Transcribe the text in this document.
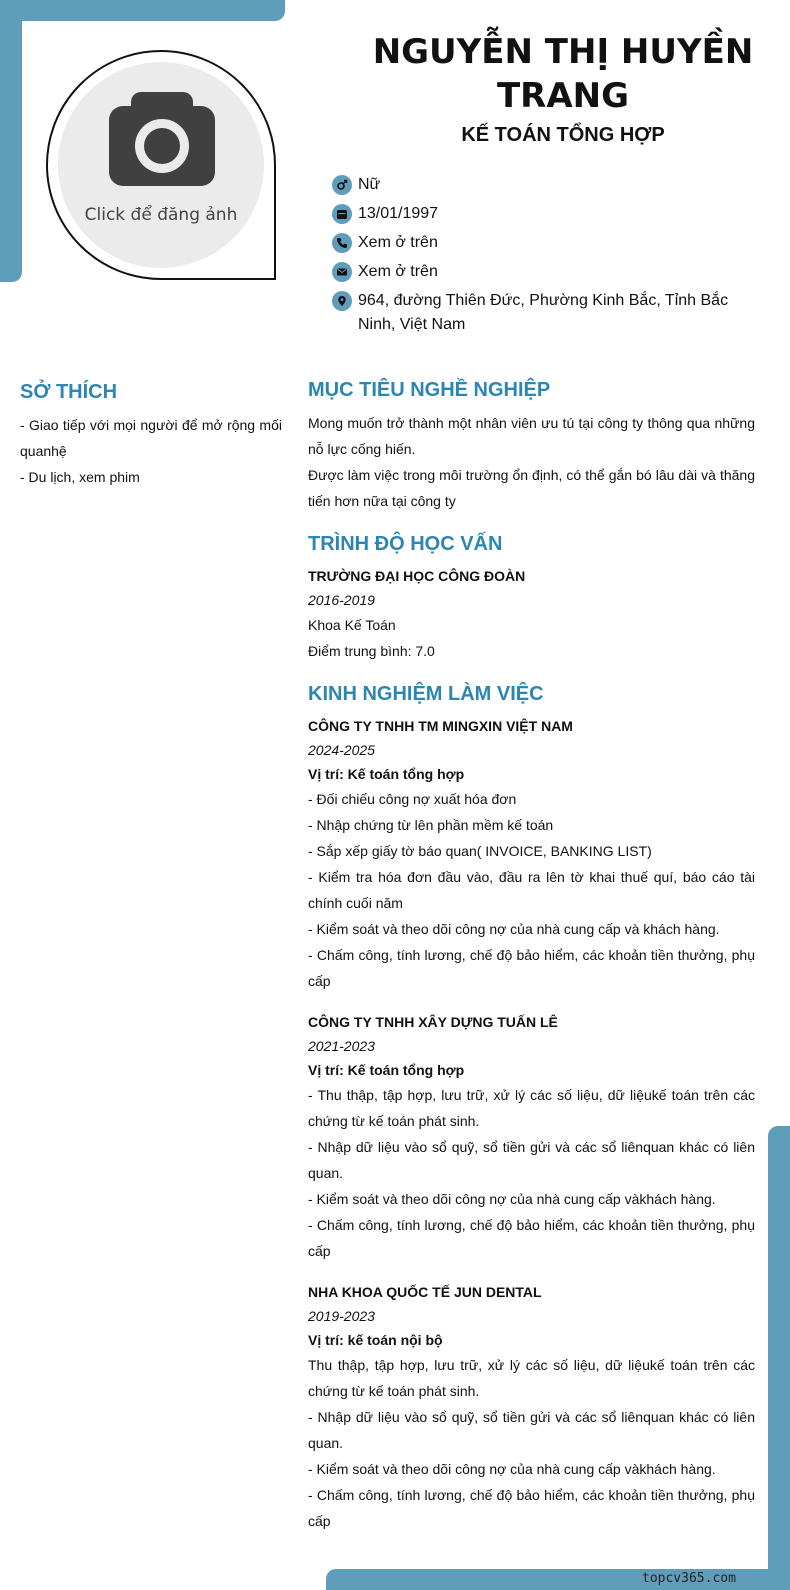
Click để đăng ảnh
NGUYỄN THỊ HUYỀN TRANG
KẾ TOÁN TỔNG HỢP
Nữ
13/01/1997
Xem ở trên
Xem ở trên
964, đường Thiên Đức, Phường Kinh Bắc, Tỉnh Bắc Ninh, Việt Nam
SỞ THÍCH
- Giao tiếp với mọi người để mở rộng mối quanhệ
- Du lịch, xem phim
MỤC TIÊU NGHỀ NGHIỆP
Mong muốn trở thành một nhân viên ưu tú tại công ty thông qua những nỗ lực cống hiến.
Được làm việc trong môi trường ổn định, có thể gắn bó lâu dài và thăng tiến hơn nữa tại công ty
TRÌNH ĐỘ HỌC VẤN
TRƯỜNG ĐẠI HỌC CÔNG ĐOÀN
2016-2019
Khoa Kế Toán
Điểm trung bình: 7.0
KINH NGHIỆM LÀM VIỆC
CÔNG TY TNHH TM MINGXIN VIỆT NAM
2024-2025
Vị trí: Kế toán tổng hợp
- Đối chiếu công nợ xuất hóa đơn
- Nhập chứng từ lên phần mềm kế toán
- Sắp xếp giấy tờ báo quan( INVOICE, BANKING LIST)
- Kiểm tra hóa đơn đầu vào, đầu ra lên tờ khai thuế quí, báo cáo tài chính cuối năm
- Kiểm soát và theo dõi công nợ của nhà cung cấp và khách hàng.
- Chấm công, tính lương, chế độ bảo hiểm, các khoản tiền thưởng, phụ cấp
CÔNG TY TNHH XÂY DỰNG TUẤN LÊ
2021-2023
Vị trí: Kế toán tổng hợp
- Thu thập, tập hợp, lưu trữ, xử lý các số liệu, dữ liệukế toán trên các chứng từ kế toán phát sinh.
- Nhập dữ liệu vào sổ quỹ, sổ tiền gửi và các sổ liênquan khác có liên quan.
- Kiểm soát và theo dõi công nợ của nhà cung cấp vàkhách hàng.
- Chấm công, tính lương, chế độ bảo hiểm, các khoản tiền thưởng, phụ cấp
NHA KHOA QUỐC TẾ JUN DENTAL
2019-2023
Vị trí: kế toán nội bộ
Thu thập, tập hợp, lưu trữ, xử lý các số liệu, dữ liệukế toán trên các chứng từ kế toán phát sinh.
- Nhập dữ liệu vào sổ quỹ, sổ tiền gửi và các sổ liênquan khác có liên quan.
- Kiểm soát và theo dõi công nợ của nhà cung cấp vàkhách hàng.
- Chấm công, tính lương, chế độ bảo hiểm, các khoản tiền thưởng, phụ cấp
topcv365.com
